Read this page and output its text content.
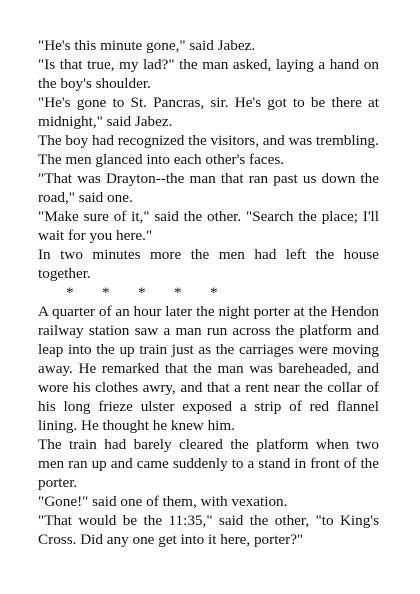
"He's this minute gone," said Jabez.

"Is that true, my lad?" the man asked, laying a hand on the boy's shoulder.

"He's gone to St. Pancras, sir. He's got to be there at midnight," said Jabez.

The boy had recognized the visitors, and was trembling.

The men glanced into each other's faces.

"That was Drayton--the man that ran past us down the road," said one.

"Make sure of it," said the other. "Search the place; I'll wait for you here."

In two minutes more the men had left the house together.

* * * * *

A quarter of an hour later the night porter at the Hendon railway station saw a man run across the platform and leap into the up train just as the carriages were moving away. He remarked that the man was bareheaded, and wore his clothes awry, and that a rent near the collar of his long frieze ulster exposed a strip of red flannel lining. He thought he knew him.

The train had barely cleared the platform when two men ran up and came suddenly to a stand in front of the porter.

"Gone!" said one of them, with vexation.

"That would be the 11:35," said the other, "to King's Cross. Did any one get into it here, porter?"
